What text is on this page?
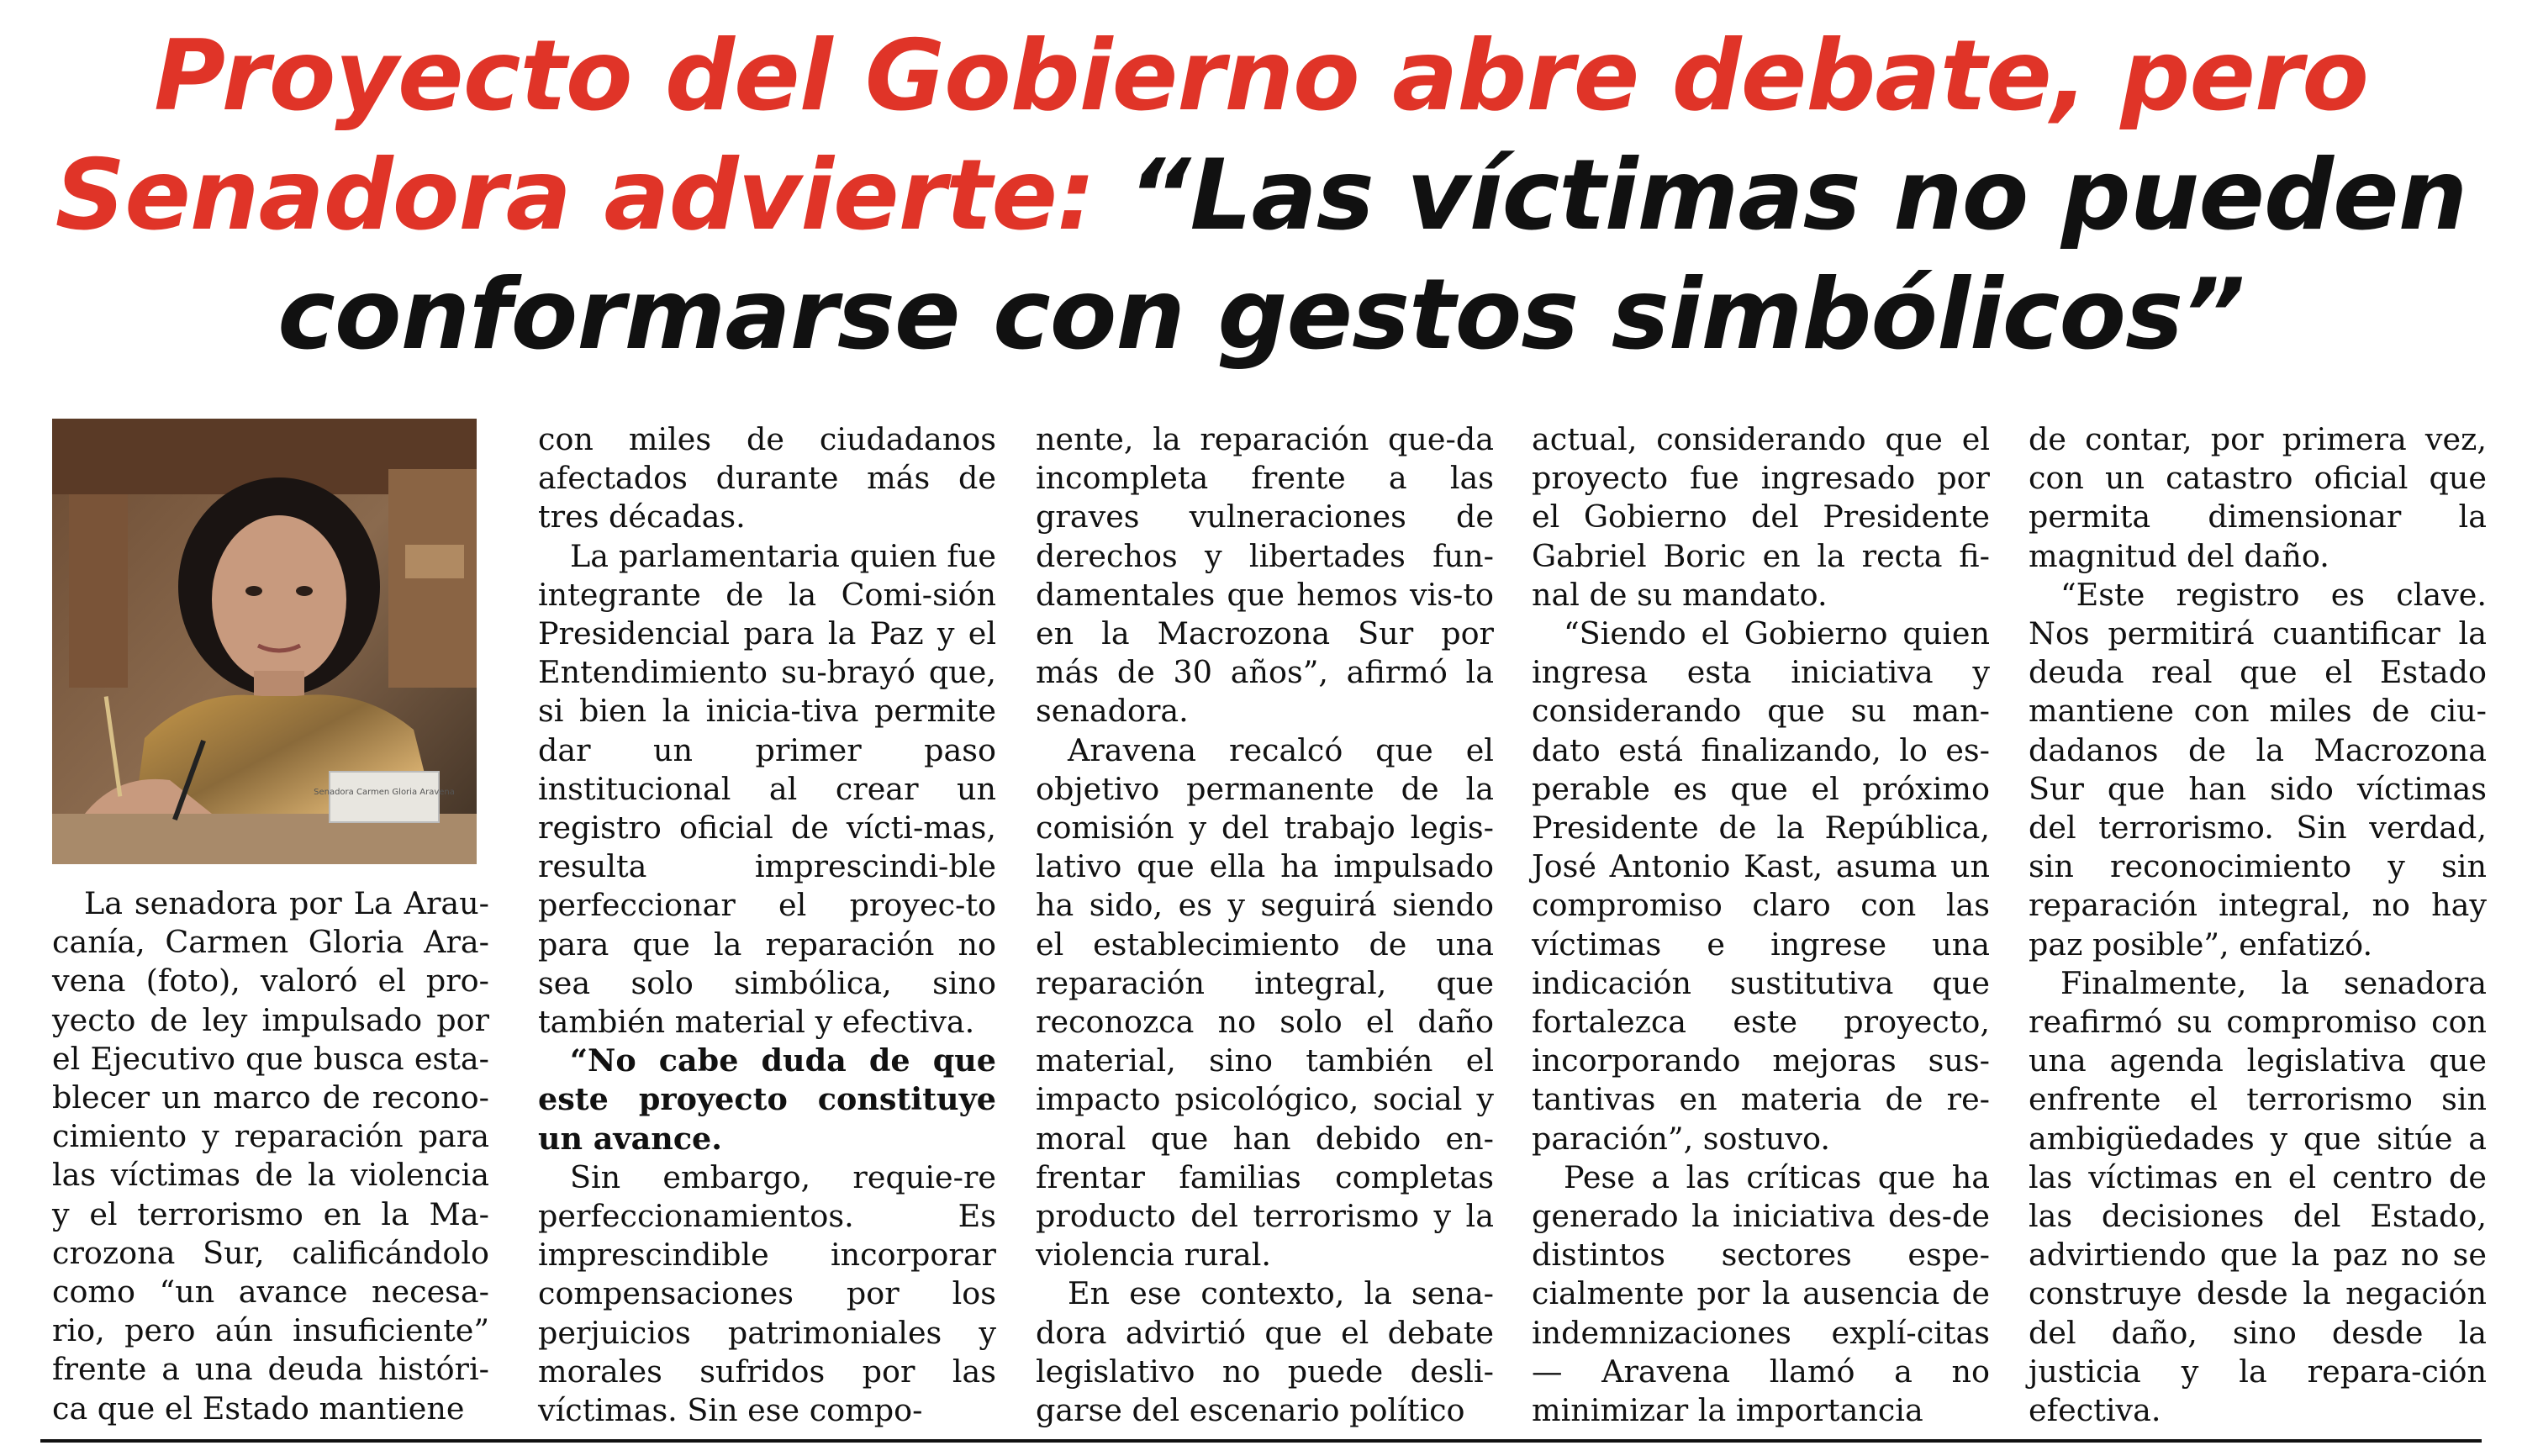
Proyecto del Gobierno abre debate, pero Senadora advierte: “Las víctimas no pueden conformarse con gestos simbólicos”
Senadora Carmen Gloria Aravena

La senadora por La Arau-canía, Carmen Gloria Ara-vena (foto), valoró el pro-yecto de ley impulsado por el Ejecutivo que busca esta-blecer un marco de recono-cimiento y reparación para las víctimas de la violencia y el terrorismo en la Ma-crozona Sur, calificándolo como “un avance necesa-rio, pero aún insuficiente” frente a una deuda históri-ca que el Estado mantiene

con miles de ciudadanos afectados durante más de tres décadas.

La parlamentaria quien fue integrante de la Comi-sión Presidencial para la Paz y el Entendimiento su-brayó que, si bien la inicia-tiva permite dar un primer paso institucional al crear un registro oficial de vícti-mas, resulta imprescindi-ble perfeccionar el proyec-to para que la reparación no sea solo simbólica, sino también material y efectiva.

“No cabe duda de que este proyecto constituye un avance.

Sin embargo, requie-re perfeccionamientos. Es imprescindible incorporar compensaciones por los perjuicios patrimoniales y morales sufridos por las víctimas. Sin ese compo-

nente, la reparación que-da incompleta frente a las graves vulneraciones de derechos y libertades fun-damentales que hemos vis-to en la Macrozona Sur por más de 30 años”, afirmó la senadora.

Aravena recalcó que el objetivo permanente de la comisión y del trabajo legis-lativo que ella ha impulsado ha sido, es y seguirá siendo el establecimiento de una reparación integral, que reconozca no solo el daño material, sino también el impacto psicológico, social y moral que han debido en-frentar familias completas producto del terrorismo y la violencia rural.

En ese contexto, la sena-dora advirtió que el debate legislativo no puede desli-garse del escenario político

actual, considerando que el proyecto fue ingresado por el Gobierno del Presidente Gabriel Boric en la recta fi-nal de su mandato.

“Siendo el Gobierno quien ingresa esta iniciativa y considerando que su man-dato está finalizando, lo es-perable es que el próximo Presidente de la República, José Antonio Kast, asuma un compromiso claro con las víctimas e ingrese una indicación sustitutiva que fortalezca este proyecto, incorporando mejoras sus-tantivas en materia de re-paración”, sostuvo.

Pese a las críticas que ha generado la iniciativa des-de distintos sectores espe-cialmente por la ausencia de indemnizaciones explí-citas— Aravena llamó a no minimizar la importancia

de contar, por primera vez, con un catastro oficial que permita dimensionar la magnitud del daño.

“Este registro es clave. Nos permitirá cuantificar la deuda real que el Estado mantiene con miles de ciu-dadanos de la Macrozona Sur que han sido víctimas del terrorismo. Sin verdad, sin reconocimiento y sin reparación integral, no hay paz posible”, enfatizó.

Finalmente, la senadora reafirmó su compromiso con una agenda legislativa que enfrente el terrorismo sin ambigüedades y que sitúe a las víctimas en el centro de las decisiones del Estado, advirtiendo que la paz no se construye desde la negación del daño, sino desde la justicia y la repara-ción efectiva.
